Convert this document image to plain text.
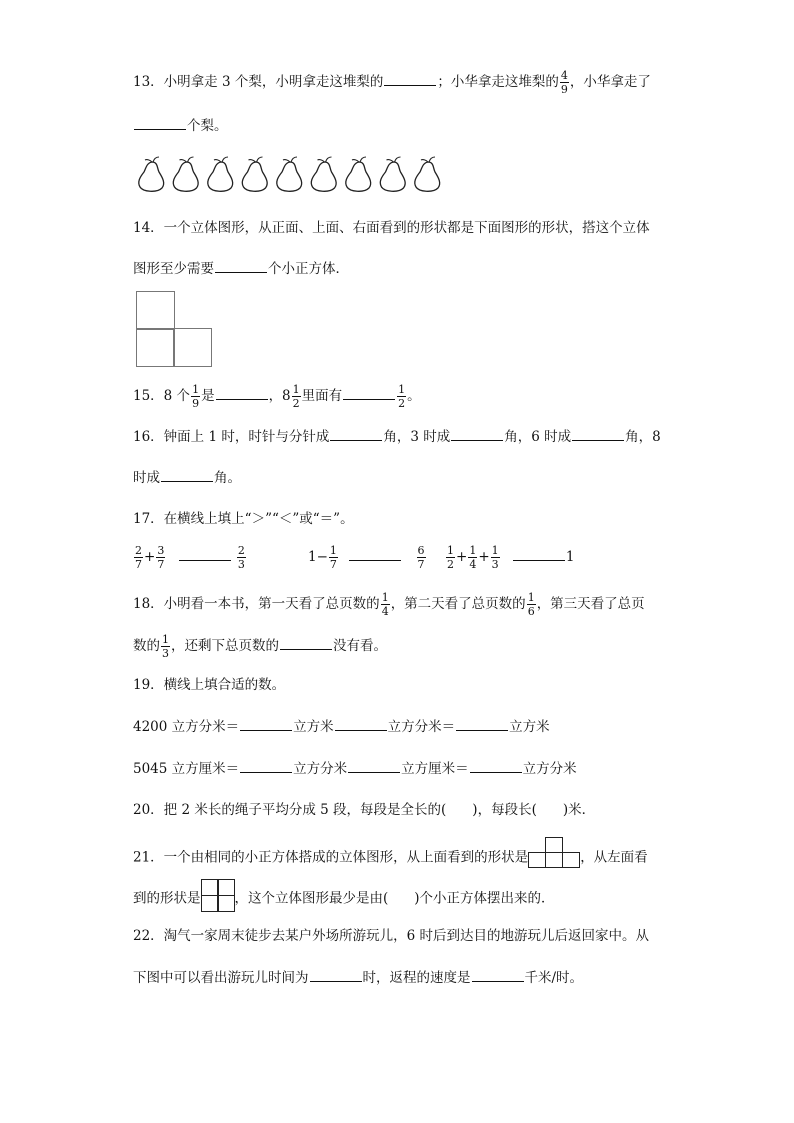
13．小明拿走 3 个梨，小明拿走这堆梨的	；小华拿走这堆梨的 $\frac{4}{9}$ ，小华拿走了
个梨。
14．一个立体图形，从正面、上面、右面看到的形状都是下面图形的形状，搭这个立体
图形至少需要	个小正方体．
15．8 个 $\frac{1}{9}$ 是	，$8 \frac{1}{2}$ 里面有	$\frac{1}{2}$ 。
16．钟面上 1 时，时针与分针成	角，3 时成	角，6 时成	角，8
时成	角。
17．在横线上填上“＞”“＜”或“＝”。
$\frac{2}{7} + \frac{3}{7}$
	$\frac{2}{3}$	$1- \frac{1}{7}$
	$\frac{6}{7} \frac{1}{2} + \frac{1}{4} + \frac{1}{3}$	1
18．小明看一本书，第一天看了总页数的 $\frac{1}{4}$ ，第二天看了总页数的 $\frac{1}{6}$ ，第三天看了总页
数的 $\frac{1}{3}$ ，还剩下总页数的	没有看。
19．横线上填合适的数。
4200 立方分米＝	立方米	立方分米＝	立方米
5045 立方厘米＝	立方分米	立方厘米＝	立方分米
20．把 2 米长的绳子平均分成 5 段，每段是全长的( )，每段长( )米．
21．一个由相同的小正方体搭成的立体图形，从上面看到的形状是	，从左面看
到的形状是	，这个立体图形最少是由( )个小正方体摆出来的．
22．淘气一家周末徒步去某户外场所游玩儿，6 时后到达目的地游玩儿后返回家中。从
下图中可以看出游玩儿时间为	时，返程的速度是	千米/时。
